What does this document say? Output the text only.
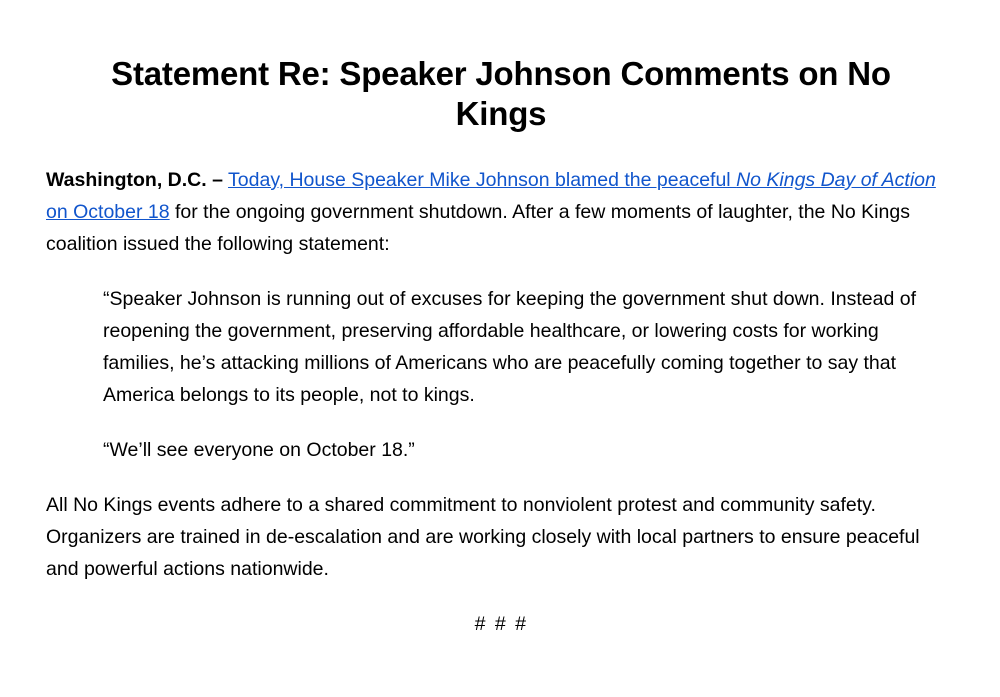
Statement Re: Speaker Johnson Comments on No Kings

Washington, D.C. – Today, House Speaker Mike Johnson blamed the peaceful No Kings Day of Action on October 18 for the ongoing government shutdown. After a few moments of laughter, the No Kings coalition issued the following statement:

“Speaker Johnson is running out of excuses for keeping the government shut down. Instead of reopening the government, preserving affordable healthcare, or lowering costs for working families, he’s attacking millions of Americans who are peacefully coming together to say that America belongs to its people, not to kings.

“We’ll see everyone on October 18.”

All No Kings events adhere to a shared commitment to nonviolent protest and community safety. Organizers are trained in de-escalation and are working closely with local partners to ensure peaceful and powerful actions nationwide.

# # #
